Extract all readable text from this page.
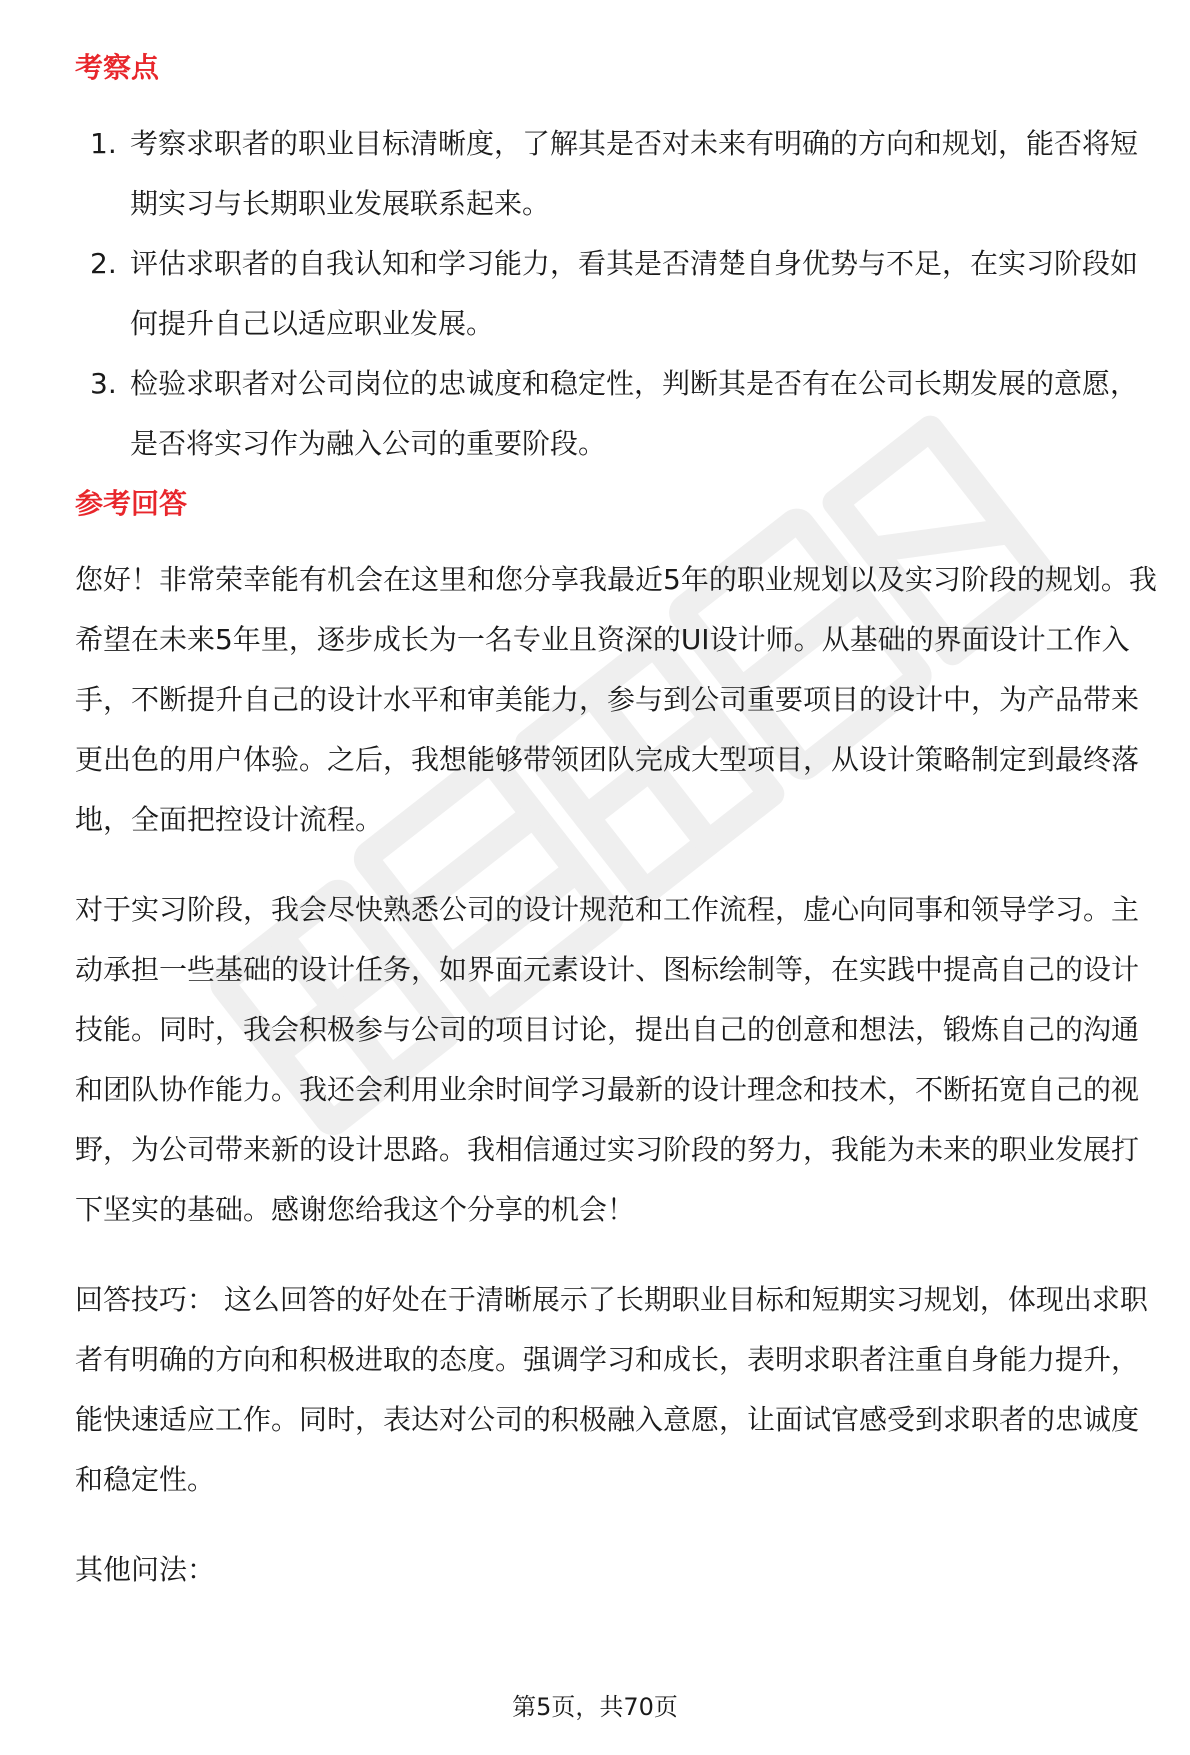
考察点
1. 考察求职者的职业目标清晰度，了解其是否对未来有明确的方向和规划，能否将短期实习与长期职业发展联系起来。
2. 评估求职者的自我认知和学习能力，看其是否清楚自身优势与不足，在实习阶段如何提升自己以适应职业发展。
3. 检验求职者对公司岗位的忠诚度和稳定性，判断其是否有在公司长期发展的意愿，是否将实习作为融入公司的重要阶段。
参考回答

您好！非常荣幸能有机会在这里和您分享我最近5年的职业规划以及实习阶段的规划。我希望在未来5年里，逐步成长为一名专业且资深的UI设计师。从基础的界面设计工作入手，不断提升自己的设计水平和审美能力，参与到公司重要项目的设计中，为产品带来更出色的用户体验。之后，我想能够带领团队完成大型项目，从设计策略制定到最终落地，全面把控设计流程。

对于实习阶段，我会尽快熟悉公司的设计规范和工作流程，虚心向同事和领导学习。主动承担一些基础的设计任务，如界面元素设计、图标绘制等，在实践中提高自己的设计技能。同时，我会积极参与公司的项目讨论，提出自己的创意和想法，锻炼自己的沟通和团队协作能力。我还会利用业余时间学习最新的设计理念和技术，不断拓宽自己的视野，为公司带来新的设计思路。我相信通过实习阶段的努力，我能为未来的职业发展打下坚实的基础。感谢您给我这个分享的机会！

回答技巧： 这么回答的好处在于清晰展示了长期职业目标和短期实习规划，体现出求职者有明确的方向和积极进取的态度。强调学习和成长，表明求职者注重自身能力提升，能快速适应工作。同时，表达对公司的积极融入意愿，让面试官感受到求职者的忠诚度和稳定性。

其他问法：

第5页，共70页
